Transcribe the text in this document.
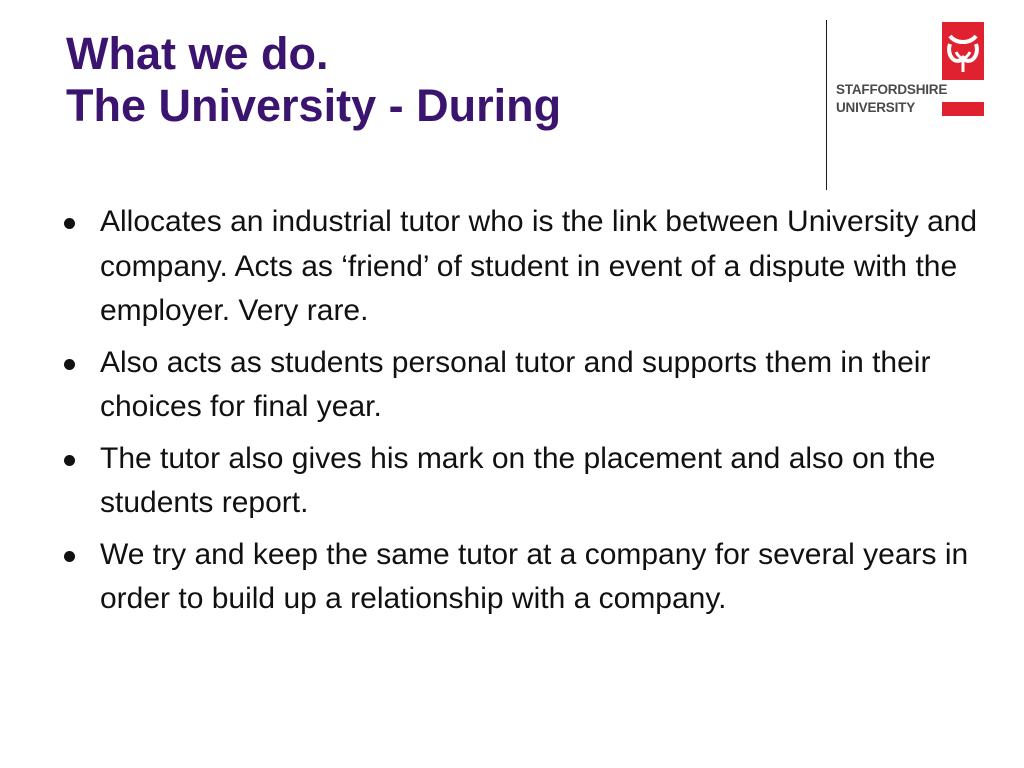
What we do.
The University - During	STAFFORDSHIRE
UNIVERSITY
Allocates an industrial tutor who is the link between University and company. Acts as ‘friend’ of student in event of a dispute with the employer. Very rare.
Also acts as students personal tutor and supports them in their choices for final year.
The tutor also gives his mark on the placement and also on the students report.
We try and keep the same tutor at a company for several years in order to build up a relationship with a company.
